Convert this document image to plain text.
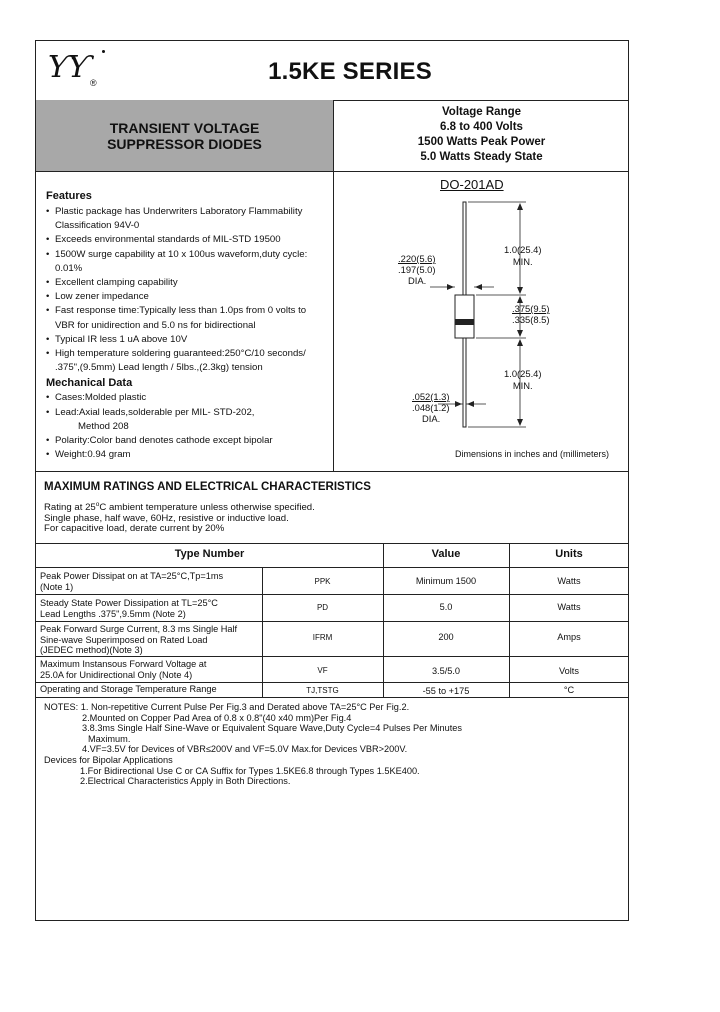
ƳƳ ®	1.5KE SERIES
TRANSIENT VOLTAGE
SUPPRESSOR DIODES
Voltage Range
6.8 to 400 Volts
1500 Watts Peak Power
5.0 Watts Steady State
Features
• Plastic package has Underwriters Laboratory Flammability
Classification 94V-0
• Exceeds environmental standards of MIL-STD 19500
• 1500W surge capability at 10 x 100us waveform,duty cycle:
0.01%
• Excellent clamping capability
• Low zener impedance
• Fast response time:Typically less than 1.0ps from 0 volts to
VBR for unidirection and 5.0 ns for bidirectional
• Typical IR less 1 uA above 10V
• High temperature soldering guaranteed:250°C/10 seconds/
.375",(9.5mm) Lead length / 5lbs.,(2.3kg) tension
Mechanical Data
• Cases:Molded plastic
• Lead:Axial leads,solderable per MIL- STD-202,
Method 208
• Polarity:Color band denotes cathode except bipolar
• Weight:0.94 gram
DO-201AD
1.0(25.4)
MIN.
.220(5.6)
.197(5.0)
DIA.
.375(9.5)
.335(8.5)
1.0(25.4)
MIN.
.052(1.3)
.048(1.2)
DIA.
Dimensions in inches and (millimeters)
MAXIMUM RATINGS AND ELECTRICAL CHARACTERISTICS
Rating at 25$^o$C ambient temperature unless otherwise specified.
Single phase, half wave, 60Hz, resistive or inductive load.
For capacitive load, derate current by 20%
Type Number	Value	Units
Peak Power Dissipat on at TA=25°C,Tp=1ms
(Note 1)	PPK	Minimum 1500	Watts
Steady State Power Dissipation at TL=25°C
Lead Lengths .375",9.5mm (Note 2)
PD	5.0	Watts
Peak Forward Surge Current, 8.3 ms Single Half
Sine-wave Superimposed on Rated Load
(JEDEC method)(Note 3)
IFRM	200	Amps
Maximum Instansous Forward Voltage at
25.0A for Unidirectional Only (Note 4)	VF	3.5/5.0	Volts
Operating and Storage Temperature Range	TJ,TSTG	-55 to +175	°C
NOTES: 1. Non-repetitive Current Pulse Per Fig.3 and Derated above TA=25°C Per Fig.2.
2.Mounted on Copper Pad Area of 0.8 x 0.8"(40 x40 mm)Per Fig.4
3.8.3ms Single Half Sine-Wave or Equivalent Square Wave,Duty Cycle=4 Pulses Per Minutes
Maximum.
4.VF=3.5V for Devices of VBR≤200V and VF=5.0V Max.for Devices VBR>200V.
Devices for Bipolar Applications
1.For Bidirectional Use C or CA Suffix for Types 1.5KE6.8 through Types 1.5KE400.
2.Electrical Characteristics Apply in Both Directions.
